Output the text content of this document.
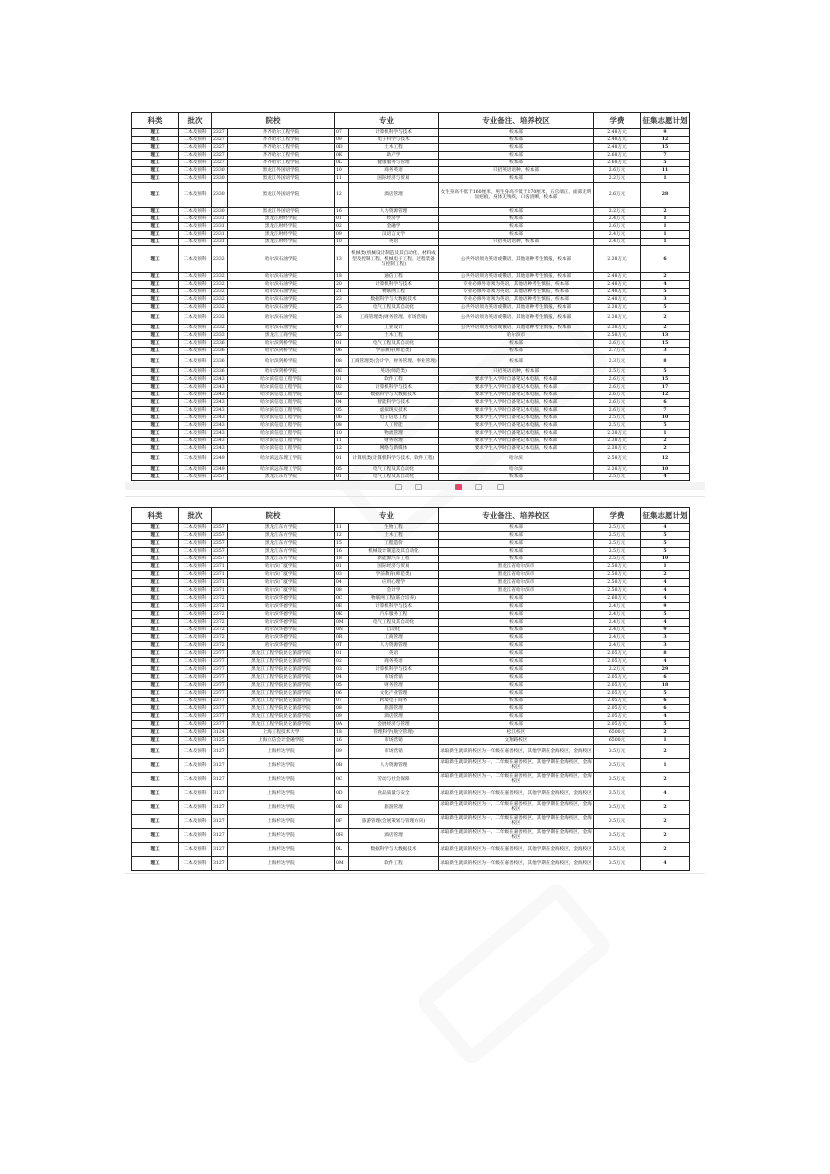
科类	批次	院校		专业		专业备注、培养校区	学费	征集志愿计划
理工	二本及预科	2327	齐齐哈尔工程学院	07	计算机科学与技术	校本部	2.48万元	9
理工	二本及预科	2327	齐齐哈尔工程学院	09	电子科学与技术	校本部	2.48万元	12
理工	二本及预科	2327	齐齐哈尔工程学院	0D	土木工程	校本部	2.48万元	15
理工	二本及预科	2327	齐齐哈尔工程学院	0K	助产学	校本部	2.68万元	7
理工	二本及预科	2327	齐齐哈尔工程学院	0L	健康服务与管理	校本部	2.68万元	5
理工	二本及预科	2330	黑龙江外国语学院	10	商务英语	只招英语语种，校本部	2.6万元	11
理工	二本及预科	2330	黑龙江外国语学院	11	国际经济与贸易	校本部	2.2万元	1
理工	二本及预科	2330	黑龙江外国语学院	12	酒店管理	女生身高不低于160厘米，男生身高不低于170厘米，五官端正，面部无明显疤痕，身体无残疾，口齿清晰，校本部	2.6万元	28
理工	二本及预科	2330	黑龙江外国语学院	16	人力资源管理	校本部	2.2万元	2
理工	二本及预科	2331	黑龙江财经学院	01	经济学	校本部	2.4万元	1
理工	二本及预科	2331	黑龙江财经学院	02	金融学	校本部	2.6万元	1
理工	二本及预科	2331	黑龙江财经学院	09	汉语言文学	校本部	2.4万元	1
理工	二本及预科	2331	黑龙江财经学院	10	英语	只招英语语种，校本部	2.4万元	1
理工	二本及预科	2332	哈尔滨石油学院	13	机械类(机械设计制造及其自动化、材料成型及控制工程、机械电子工程、过程装备与控制工程)	公共外语须为英语或俄语，其他语种考生慎报，校本部	2.38万元	6
理工	二本及预科	2332	哈尔滨石油学院	18	通信工程	公共外语须为英语或俄语，其他语种考生慎报，校本部	2.48万元	2
理工	二本及预科	2332	哈尔滨石油学院	20	计算机科学与技术	专业必修外语须为英语，其他语种考生慎报，校本部	2.48万元	4
理工	二本及预科	2332	哈尔滨石油学院	21	物联网工程	专业必修外语须为英语，其他语种考生慎报，校本部	2.48万元	5
理工	二本及预科	2332	哈尔滨石油学院	23	数据科学与大数据技术	专业必修外语须为英语，其他语种考生慎报，校本部	2.48万元	3
理工	二本及预科	2332	哈尔滨石油学院	25	电气工程及其自动化	公共外语须为英语或俄语，其他语种考生慎报，校本部	2.38万元	5
理工	二本及预科	2332	哈尔滨石油学院	28	工商管理类(财务管理、市场营销)	公共外语须为英语或俄语，其他语种考生慎报，校本部	2.38万元	2
理工	二本及预科	2332	哈尔滨石油学院	47	工业设计	公共外语须为英语或俄语，其他语种考生慎报，校本部	2.38万元	2
理工	二本及预科	2333	黑龙江工商学院	22	土木工程	哈尔滨市	2.58万元	13
理工	二本及预科	2336	哈尔滨剑桥学院	01	电气工程及其自动化	校本部	2.6万元	15
理工	二本及预科	2336	哈尔滨剑桥学院	06	学前教育(师范类)	校本部	2.7万元	3
理工	二本及预科	2336	哈尔滨剑桥学院	08	工商管理类(会计学、财务管理、事业管理)	校本部	2.3万元	8
理工	二本及预科	2336	哈尔滨剑桥学院	0E	英语(师范类)	只招英语语种，校本部	2.5万元	5
理工	二本及预科	2343	哈尔滨信息工程学院	01	软件工程	要求学生入学时自备笔记本电脑，校本部	2.6万元	15
理工	二本及预科	2343	哈尔滨信息工程学院	02	计算机科学与技术	要求学生入学时自备笔记本电脑，校本部	2.6万元	17
理工	二本及预科	2343	哈尔滨信息工程学院	03	数据科学与大数据技术	要求学生入学时自备笔记本电脑，校本部	2.6万元	12
理工	二本及预科	2343	哈尔滨信息工程学院	04	智能科学与技术	要求学生入学时自备笔记本电脑，校本部	2.6万元	6
理工	二本及预科	2343	哈尔滨信息工程学院	05	虚拟现实技术	要求学生入学时自备笔记本电脑，校本部	2.6万元	7
理工	二本及预科	2343	哈尔滨信息工程学院	06	电子信息工程	要求学生入学时自备笔记本电脑，校本部	2.5万元	10
理工	二本及预科	2343	哈尔滨信息工程学院	08	人工智能	要求学生入学时自备笔记本电脑，校本部	2.5万元	5
理工	二本及预科	2343	哈尔滨信息工程学院	10	物流管理	要求学生入学时自备笔记本电脑，校本部	2.38万元	1
理工	二本及预科	2343	哈尔滨信息工程学院	11	财务管理	要求学生入学时自备笔记本电脑，校本部	2.38万元	2
理工	二本及预科	2343	哈尔滨信息工程学院	12	网络与新媒体	要求学生入学时自备笔记本电脑，校本部	2.38万元	2
理工	二本及预科	2349	哈尔滨远东理工学院	01	计算机类(计算机科学与技术、软件工程)	哈尔滨	2.58万元	12
理工	二本及预科	2349	哈尔滨远东理工学院	05	电气工程及其自动化	哈尔滨	2.38万元	10
理工	二本及预科	2357	黑龙江东方学院	01	电气工程及其自动化	校本部	2.5万元	4
科类	批次	院校		专业		专业备注、培养校区	学费	征集志愿计划
理工	二本及预科	2357	黑龙江东方学院	11	生物工程	校本部	2.5万元	4
理工	二本及预科	2357	黑龙江东方学院	12	土木工程	校本部	2.5万元	5
理工	二本及预科	2357	黑龙江东方学院	15	工程造价	校本部	2.5万元	5
理工	二本及预科	2357	黑龙江东方学院	16	机械设计制造及其自动化	校本部	2.5万元	5
理工	二本及预科	2357	黑龙江东方学院	18	新能源汽车工程	校本部	2.5万元	10
理工	二本及预科	2371	哈尔滨广厦学院	01	国际经济与贸易	黑龙江省哈尔滨市	2.58万元	1
理工	二本及预科	2371	哈尔滨广厦学院	03	学前教育(师范类)	黑龙江省哈尔滨市	2.58万元	2
理工	二本及预科	2371	哈尔滨广厦学院	04	应用心理学	黑龙江省哈尔滨市	2.58万元	4
理工	二本及预科	2371	哈尔滨广厦学院	08	会计学	黑龙江省哈尔滨市	2.58万元	4
理工	二本及预科	2372	哈尔滨华德学院	0C	物联网工程(联合培养)	校本部	2.68万元	4
理工	二本及预科	2372	哈尔滨华德学院	0E	计算机科学与技术	校本部	2.4万元	9
理工	二本及预科	2372	哈尔滨华德学院	0K	汽车服务工程	校本部	2.4万元	5
理工	二本及预科	2372	哈尔滨华德学院	0M	电气工程及其自动化	校本部	2.4万元	4
理工	二本及预科	2372	哈尔滨华德学院	0N	自动化	校本部	2.4万元	9
理工	二本及预科	2372	哈尔滨华德学院	0R	工商管理	校本部	2.4万元	3
理工	二本及预科	2372	哈尔滨华德学院	0T	人力资源管理	校本部	2.4万元	3
理工	二本及预科	2377	黑龙江工程学院昆仑旅游学院	01	英语	校本部	2.05万元	8
理工	二本及预科	2377	黑龙江工程学院昆仑旅游学院	02	商务英语	校本部	2.05万元	4
理工	二本及预科	2377	黑龙江工程学院昆仑旅游学院	03	计算机科学与技术	校本部	2.2万元	29
理工	二本及预科	2377	黑龙江工程学院昆仑旅游学院	04	市场营销	校本部	2.05万元	6
理工	二本及预科	2377	黑龙江工程学院昆仑旅游学院	05	财务管理	校本部	2.05万元	18
理工	二本及预科	2377	黑龙江工程学院昆仑旅游学院	06	文化产业管理	校本部	2.05万元	5
理工	二本及预科	2377	黑龙江工程学院昆仑旅游学院	07	跨境电子商务	校本部	2.05万元	6
理工	二本及预科	2377	黑龙江工程学院昆仑旅游学院	08	旅游管理	校本部	2.05万元	6
理工	二本及预科	2377	黑龙江工程学院昆仑旅游学院	09	酒店管理	校本部	2.05万元	4
理工	二本及预科	2377	黑龙江工程学院昆仑旅游学院	0A	会展经济与管理	校本部	2.05万元	5
理工	二本及预科	3124	上海工程技术大学	18	管理科学(航空管理)	松江校区	6500元	2
理工	二本及预科	3125	上海立信会计金融学院	16	市场营销	文翔路校区	6500元	1
理工	二本及预科	3127	上海杉达学院	09	市场营销	录取新生就读的校区为一年级在嘉善校区，其他学期在金海校区，金海校区	3.5万元	2
理工	二本及预科	3127	上海杉达学院	0B	人力资源管理	录取新生就读的校区为一、二年级在嘉善校区，其他学期在金海校区，金海校区	3.5万元	1
理工	二本及预科	3127	上海杉达学院	0C	劳动与社会保障	录取新生就读的校区为一、二年级在嘉善校区，其他学期在金海校区，金海校区	3.5万元	2
理工	二本及预科	3127	上海杉达学院	0D	食品质量与安全	录取新生就读的校区为一年级在嘉善校区，其他学期在金海校区，金海校区	3.5万元	4
理工	二本及预科	3127	上海杉达学院	0E	旅游管理	录取新生就读的校区为一、二年级在嘉善校区，其他学期在金海校区，金海校区	3.5万元	2
理工	二本及预科	3127	上海杉达学院	0F	旅游管理(会展策划与管理方向)	录取新生就读的校区为一、二年级在嘉善校区，其他学期在金海校区，金海校区	3.5万元	2
理工	二本及预科	3127	上海杉达学院	0H	酒店管理	录取新生就读的校区为一、二年级在嘉善校区，其他学期在金海校区，金海校区	3.5万元	2
理工	二本及预科	3127	上海杉达学院	0L	数据科学与大数据技术	录取新生就读的校区为一年级在嘉善校区，其他学期在金海校区，金海校区	3.5万元	2
理工	二本及预科	3127	上海杉达学院	0M	软件工程	录取新生就读的校区为一年级在嘉善校区，其他学期在金海校区，金海校区	3.5万元	4
